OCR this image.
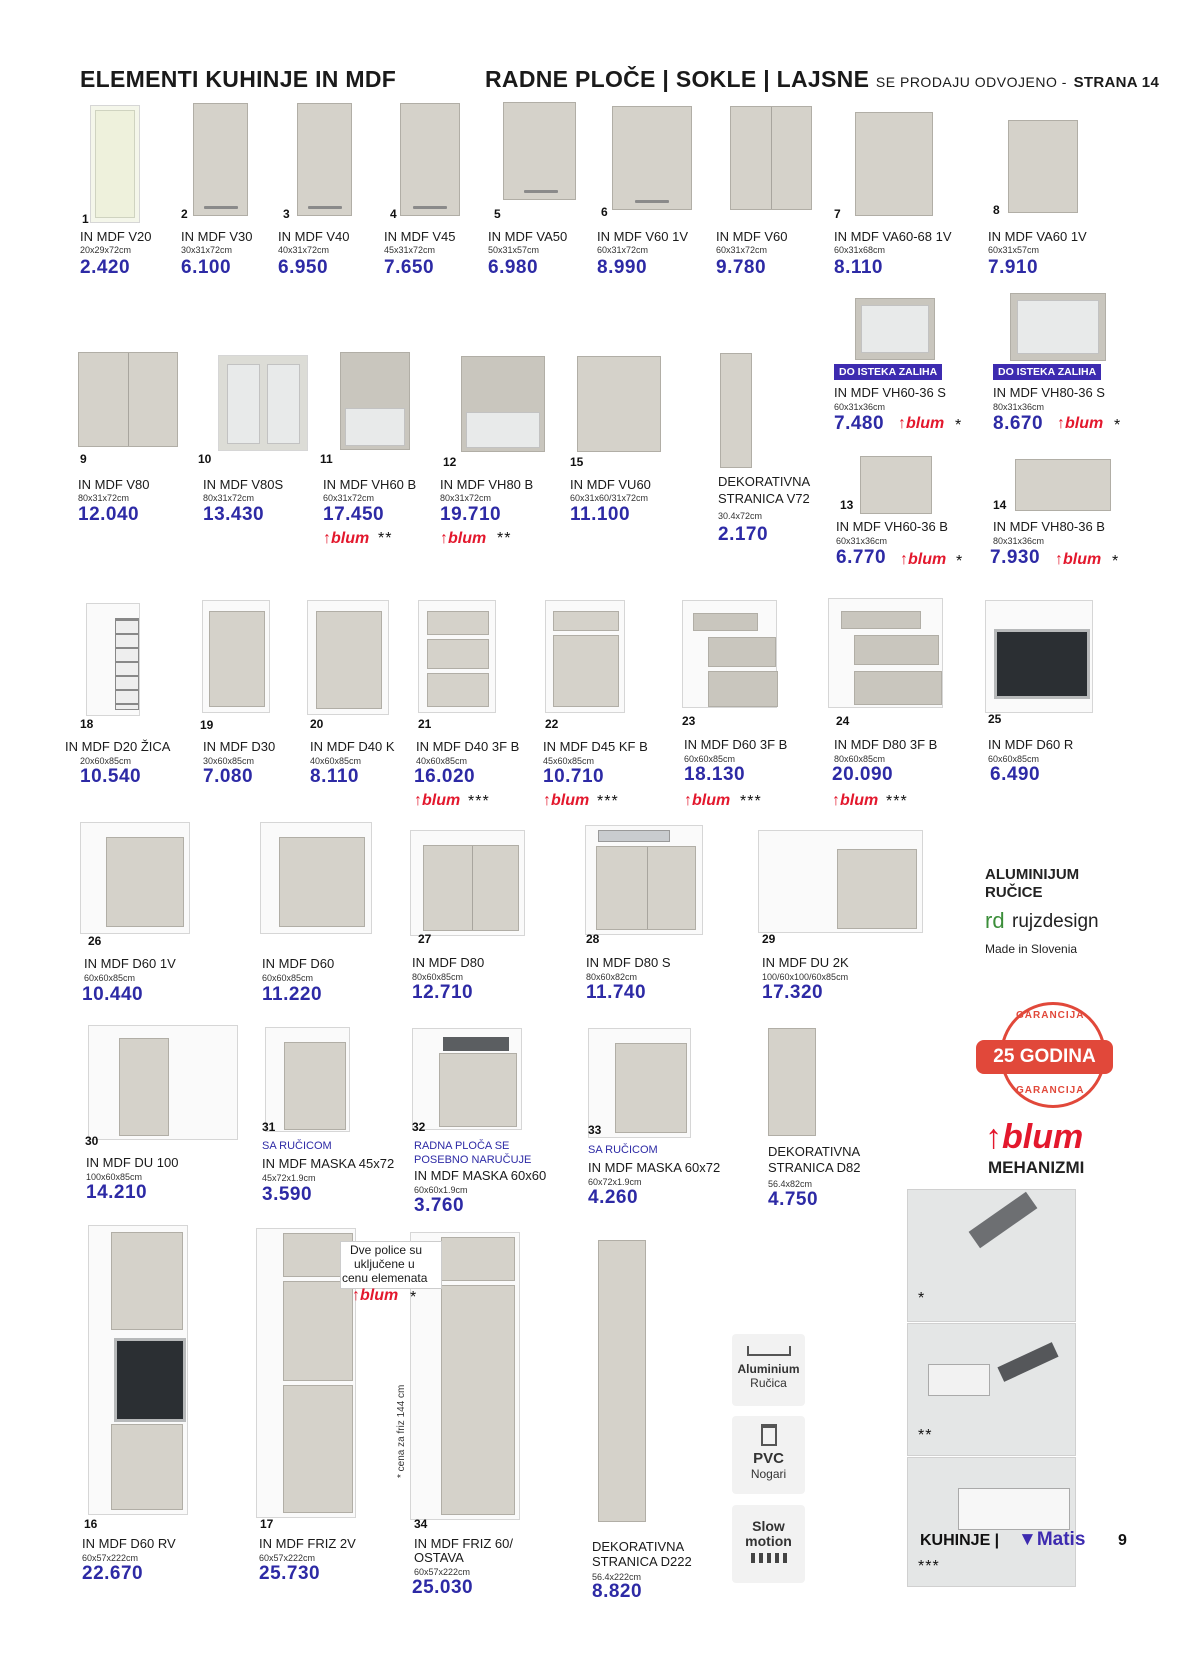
ELEMENTI KUHINJE IN MDF	RADNE PLOČE | SOKLE | LAJSNE SE PRODAJU ODVOJENO - STRANA 14
1
IN MDF V20
20x29x72cm
2.420
2
IN MDF V30
30x31x72cm
6.100
3
IN MDF V40
40x31x72cm
6.950
4
IN MDF V45
45x31x72cm
7.650
5
IN MDF VA50
50x31x57cm
6.980
6
IN MDF V60 1V
60x31x72cm
8.990
IN MDF V60
60x31x72cm
9.780
7
IN MDF VA60-68 1V
60x31x68cm
8.110
8
IN MDF VA60 1V
60x31x57cm
7.910
9
IN MDF V80
80x31x72cm
12.040
10
IN MDF V80S
80x31x72cm
13.430
11
IN MDF VH60 B
60x31x72cm
17.450
↑blum **
12
IN MDF VH80 B
80x31x72cm
19.710
↑blum **
15
IN MDF VU60
60x31x60/31x72cm
11.100
DEKORATIVNA
STRANICA V72
30.4x72cm
2.170
DO ISTEKA ZALIHA
IN MDF VH60-36 S
60x31x36cm
7.480 ↑blum *
DO ISTEKA ZALIHA
IN MDF VH80-36 S
80x31x36cm
8.670 ↑blum *
13
IN MDF VH60-36 B
60x31x36cm
6.770 ↑blum *
14
IN MDF VH80-36 B
80x31x36cm
7.930 ↑blum *
18
IN MDF D20 ŽICA
20x60x85cm
10.540
19
IN MDF D30
30x60x85cm
7.080
20
IN MDF D40 K
40x60x85cm
8.110
21
IN MDF D40 3F B
40x60x85cm
16.020
↑blum ***
22
IN MDF D45 KF B
45x60x85cm
10.710
↑blum ***
23
IN MDF D60 3F B
60x60x85cm
18.130
↑blum ***
24
IN MDF D80 3F B
80x60x85cm
20.090
↑blum ***
25
IN MDF D60 R
60x60x85cm
6.490
26
IN MDF D60 1V
60x60x85cm
10.440
IN MDF D60
60x60x85cm
11.220
27
IN MDF D80
80x60x85cm
12.710
28
IN MDF D80 S
80x60x82cm
11.740
29
IN MDF DU 2K
100/60x100/60x85cm
17.320
ALUMINIJUM
RUČICE
rd rujzdesign
Made in Slovenia
GARANCIJA
25 GODINA
GARANCIJA
↑blum
MEHANIZMI
30
IN MDF DU 100
100x60x85cm
14.210
31
SA RUČICOM
IN MDF MASKA 45x72
45x72x1.9cm
3.590
32
RADNA PLOČA SE
POSEBNO NARUČUJE
IN MDF MASKA 60x60
60x60x1.9cm
3.760
33
SA RUČICOM
IN MDF MASKA 60x72
60x72x1.9cm
4.260
DEKORATIVNA
STRANICA D82
56.4x82cm
4.750
Dve police su
uključene u
cenu elemenata
↑blum *
* cena za friz 144 cm
16
IN MDF D60 RV
60x57x222cm
22.670
17
IN MDF FRIZ 2V
60x57x222cm
25.730
34
IN MDF FRIZ 60/
OSTAVA
60x57x222cm
25.030
DEKORATIVNA
STRANICA D222
56.4x222cm
8.820
Aluminium
Ručica
PVC
Nogari
Slow motion
*
**
***
KUHINJE | ▼Matis 9
